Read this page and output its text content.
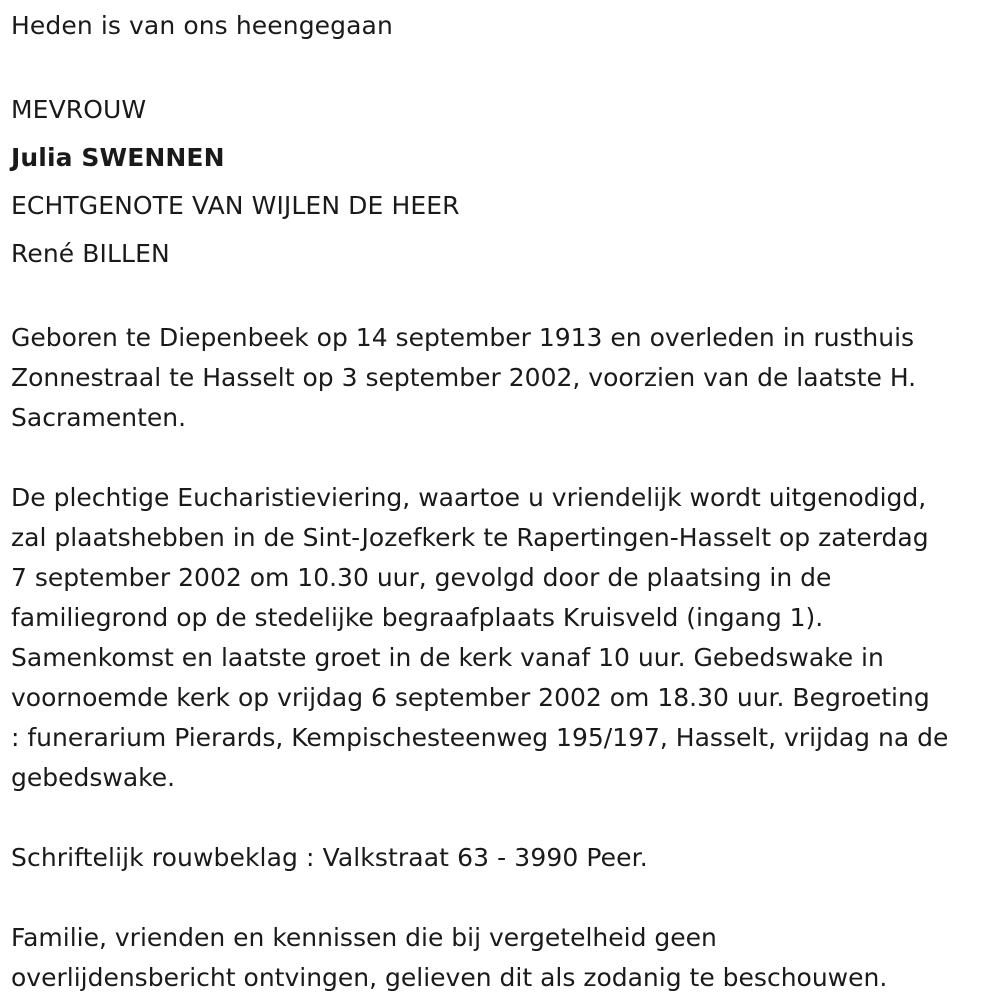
Heden is van ons heengegaan

MEVROUW

Julia SWENNEN

ECHTGENOTE VAN WIJLEN DE HEER

René BILLEN

Geboren te Diepenbeek op 14 september 1913 en overleden in rusthuis
Zonnestraal te Hasselt op 3 september 2002, voorzien van de laatste H.
Sacramenten.
De plechtige Eucharistieviering, waartoe u vriendelijk wordt uitgenodigd,
zal plaatshebben in de Sint-Jozefkerk te Rapertingen-Hasselt op zaterdag
7 september 2002 om 10.30 uur, gevolgd door de plaatsing in de
familiegrond op de stedelijke begraafplaats Kruisveld (ingang 1).
Samenkomst en laatste groet in de kerk vanaf 10 uur. Gebedswake in
voornoemde kerk op vrijdag 6 september 2002 om 18.30 uur. Begroeting
: funerarium Pierards, Kempischesteenweg 195/197, Hasselt, vrijdag na de
gebedswake.

Schriftelijk rouwbeklag : Valkstraat 63 - 3990 Peer.

Familie, vrienden en kennissen die bij vergetelheid geen
overlijdensbericht ontvingen, gelieven dit als zodanig te beschouwen.
